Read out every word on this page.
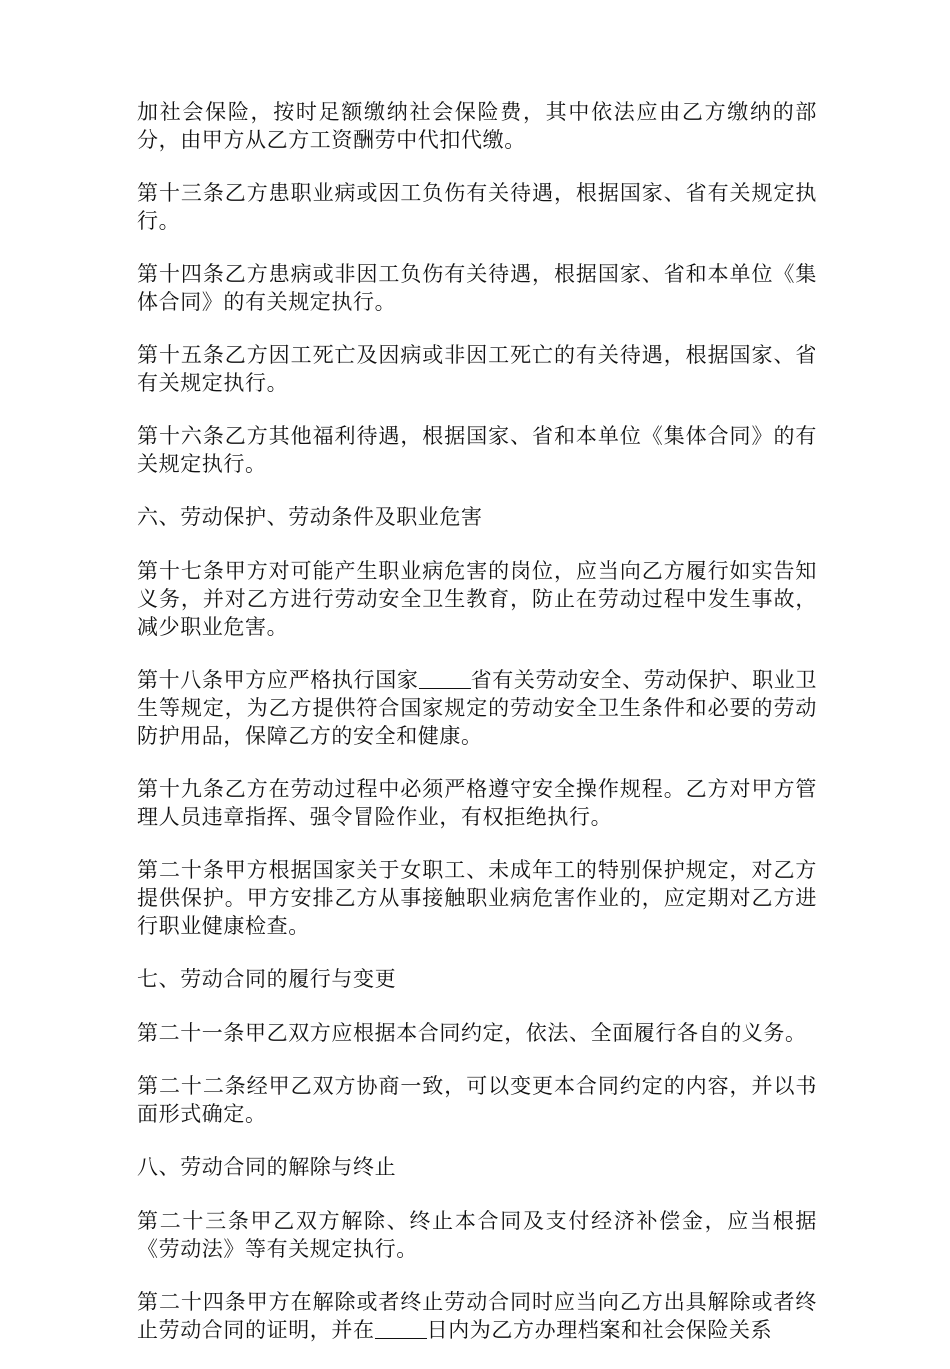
加社会保险，按时足额缴纳社会保险费，其中依法应由乙方缴纳的部分，由甲方从乙方工资酬劳中代扣代缴。

第十三条乙方患职业病或因工负伤有关待遇，根据国家、省有关规定执行。

第十四条乙方患病或非因工负伤有关待遇，根据国家、省和本单位《集体合同》的有关规定执行。

第十五条乙方因工死亡及因病或非因工死亡的有关待遇，根据国家、省有关规定执行。

第十六条乙方其他福利待遇，根据国家、省和本单位《集体合同》的有关规定执行。

六、劳动保护、劳动条件及职业危害

第十七条甲方对可能产生职业病危害的岗位，应当向乙方履行如实告知义务，并对乙方进行劳动安全卫生教育，防止在劳动过程中发生事故，减少职业危害。

第十八条甲方应严格执行国家 省有关劳动安全、劳动保护、职业卫生等规定，为乙方提供符合国家规定的劳动安全卫生条件和必要的劳动防护用品，保障乙方的安全和健康。

第十九条乙方在劳动过程中必须严格遵守安全操作规程。乙方对甲方管理人员违章指挥、强令冒险作业，有权拒绝执行。

第二十条甲方根据国家关于女职工、未成年工的特别保护规定，对乙方提供保护。甲方安排乙方从事接触职业病危害作业的，应定期对乙方进行职业健康检查。

七、劳动合同的履行与变更

第二十一条甲乙双方应根据本合同约定，依法、全面履行各自的义务。

第二十二条经甲乙双方协商一致，可以变更本合同约定的内容，并以书面形式确定。

八、劳动合同的解除与终止

第二十三条甲乙双方解除、终止本合同及支付经济补偿金，应当根据《劳动法》等有关规定执行。

第二十四条甲方在解除或者终止劳动合同时应当向乙方出具解除或者终止劳动合同的证明，并在 日内为乙方办理档案和社会保险关系
